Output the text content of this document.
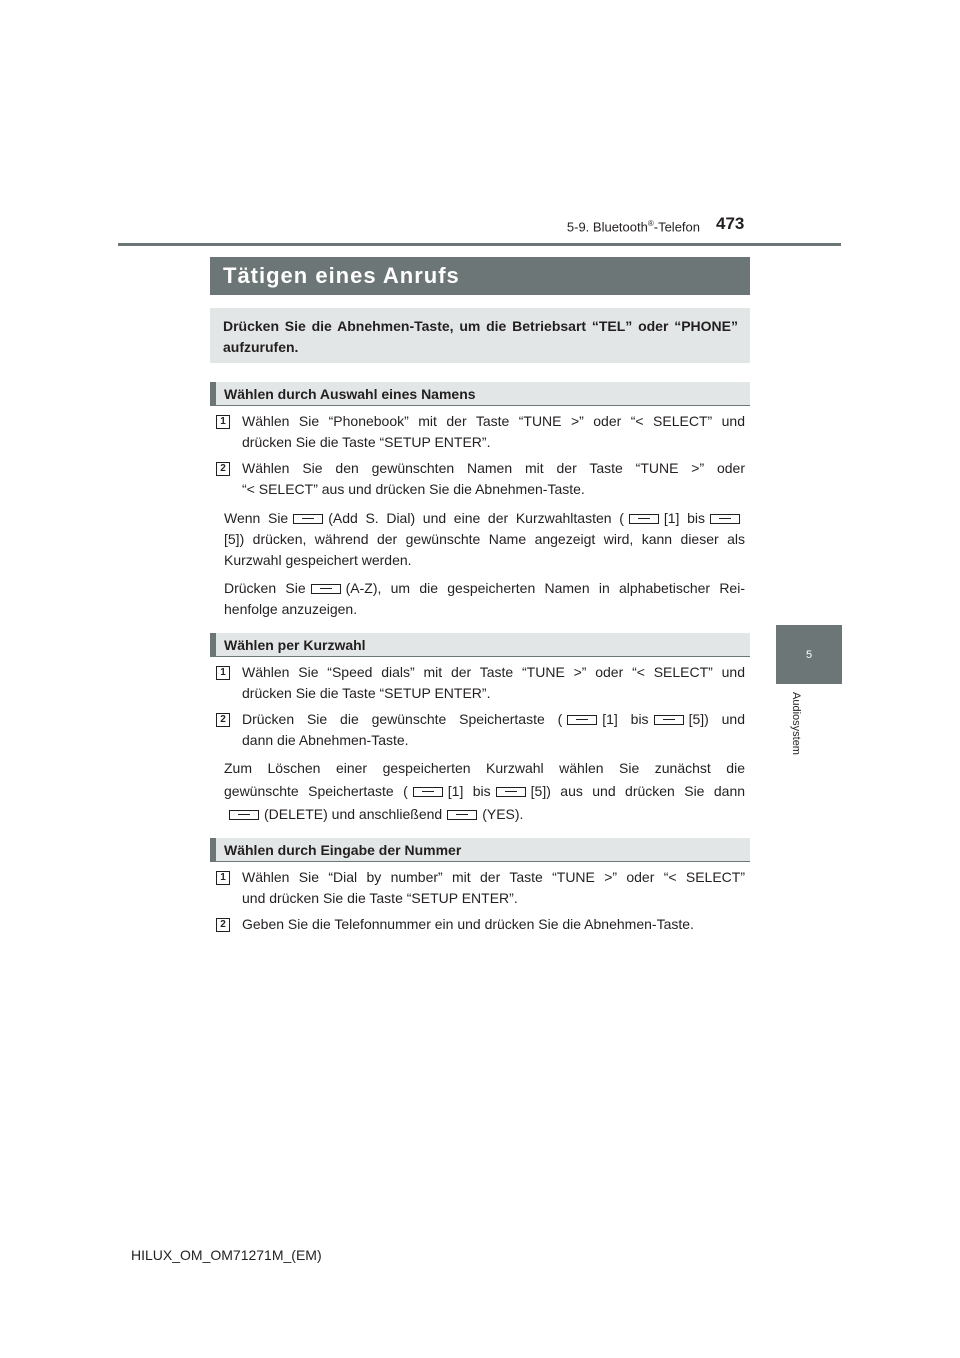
5-9. Bluetooth®-Telefon 473
5
Audiosystem
Tätigen eines Anrufs
Drücken Sie die Abnehmen-Taste, um die Betriebsart “TEL” oder “PHONE” aufzurufen.
Wählen durch Auswahl eines Namens
1	Wählen Sie “Phonebook” mit der Taste “TUNE >” oder “< SELECT” und
drücken Sie die Taste “SETUP ENTER”.
2	Wählen Sie den gewünschten Namen mit der Taste “TUNE >” oder
“< SELECT” aus und drücken Sie die Abnehmen-Taste.
Wenn Sie	(Add S. Dial) und eine der Kurzwahltasten (	[1] bis
[5]) drücken, während der gewünschte Name angezeigt wird, kann dieser als
Kurzwahl gespeichert werden.
Drücken Sie	(A-Z), um die gespeicherten Namen in alphabetischer Rei-
henfolge anzuzeigen.
Wählen per Kurzwahl
1	Wählen Sie “Speed dials” mit der Taste “TUNE >” oder “< SELECT” und
drücken Sie die Taste “SETUP ENTER”.
2	Drücken Sie die gewünschte Speichertaste (	[1] bis	[5]) und
dann die Abnehmen-Taste.
Zum Löschen einer gespeicherten Kurzwahl wählen Sie zunächst die
gewünschte Speichertaste (	[1] bis	[5]) aus und drücken Sie dann
(DELETE) und anschließend	(YES).
Wählen durch Eingabe der Nummer
1	Wählen Sie “Dial by number” mit der Taste “TUNE >” oder “< SELECT”
und drücken Sie die Taste “SETUP ENTER”.
2	Geben Sie die Telefonnummer ein und drücken Sie die Abnehmen-Taste.
HILUX_OM_OM71271M_(EM)
